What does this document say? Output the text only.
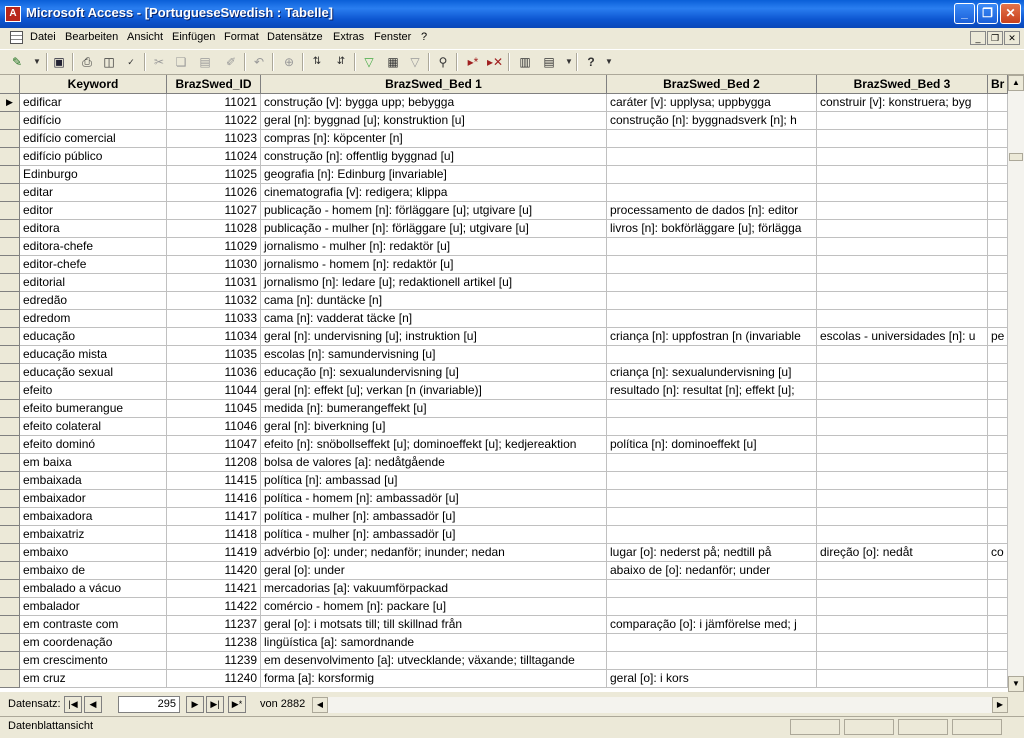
A Microsoft Access - [PortugueseSwedish : Tabelle]	_	❐	✕
Datei Bearbeiten Ansicht Einfügen Format Datensätze Extras Fenster ?	_	❐	✕
✎	▼	▣	⎙ ◫	✓	✂ ❏	▤	✐	↶	⊕	⇅	⇵	▽	▦ ▽	⚲	▸* ▸✕ ▥ ▤	▼	?	▼
Keyword	BrazSwed_ID	BrazSwed_Bed 1	BrazSwed_Bed 2	BrazSwed_Bed 3	Br
▶ edificar	11021 construção [v]: bygga upp; bebygga	caráter [v]: upplysa; uppbygga	construir [v]: konstruera; byg
edifício	11022 geral [n]: byggnad [u]; konstruktion [u]	construção [n]: byggnadsverk [n]; h
edifício comercial	11023 compras [n]: köpcenter [n]
edifício público	11024 construção [n]: offentlig byggnad [u]
Edinburgo	11025 geografia [n]: Edinburg [invariable]
editar	11026 cinematografia [v]: redigera; klippa
editor	11027 publicação - homem [n]: förläggare [u]; utgivare [u]	processamento de dados [n]: editor
editora	11028 publicação - mulher [n]: förläggare [u]; utgivare [u]	livros [n]: bokförläggare [u]; förlägga
editora-chefe	11029 jornalismo - mulher [n]: redaktör [u]
editor-chefe	11030 jornalismo - homem [n]: redaktör [u]
editorial	11031 jornalismo [n]: ledare [u]; redaktionell artikel [u]
edredão	11032 cama [n]: duntäcke [n]
edredom	11033 cama [n]: vadderat täcke [n]
educação	11034 geral [n]: undervisning [u]; instruktion [u]	criança [n]: uppfostran [n (invariable	escolas - universidades [n]: u	pe
educação mista	11035 escolas [n]: samundervisning [u]
educação sexual	11036 educação [n]: sexualundervisning [u]	criança [n]: sexualundervisning [u]
efeito	11044 geral [n]: effekt [u]; verkan [n (invariable)]	resultado [n]: resultat [n]; effekt [u];
efeito bumerangue	11045 medida [n]: bumerangeffekt [u]
efeito colateral	11046 geral [n]: biverkning [u]
efeito dominó	11047 efeito [n]: snöbollseffekt [u]; dominoeffekt [u]; kedjereaktion	política [n]: dominoeffekt [u]
em baixa	11208 bolsa de valores [a]: nedåtgående
embaixada	11415 política [n]: ambassad [u]
embaixador	11416 política - homem [n]: ambassadör [u]
embaixadora	11417 política - mulher [n]: ambassadör [u]
embaixatriz	11418 política - mulher [n]: ambassadör [u]
embaixo	11419 advérbio [o]: under; nedanför; inunder; nedan	lugar [o]: nederst på; nedtill på	direção [o]: nedåt	co
embaixo de	11420 geral [o]: under	abaixo de [o]: nedanför; under
embalado a vácuo	11421 mercadorias [a]: vakuumförpackad
embalador	11422 comércio - homem [n]: packare [u]
em contraste com	11237 geral [o]: i motsats till; till skillnad från	comparação [o]: i jämförelse med; j
em coordenação	11238 lingüística [a]: samordnande
em crescimento	11239 em desenvolvimento [a]: utvecklande; växande; tilltagande
em cruz	11240 forma [a]: korsformig	geral [o]: i kors
▲
▼
Datensatz: |◀	◀	295	▶	▶|	▶*	von 2882	◀	▶
Datenblattansicht
